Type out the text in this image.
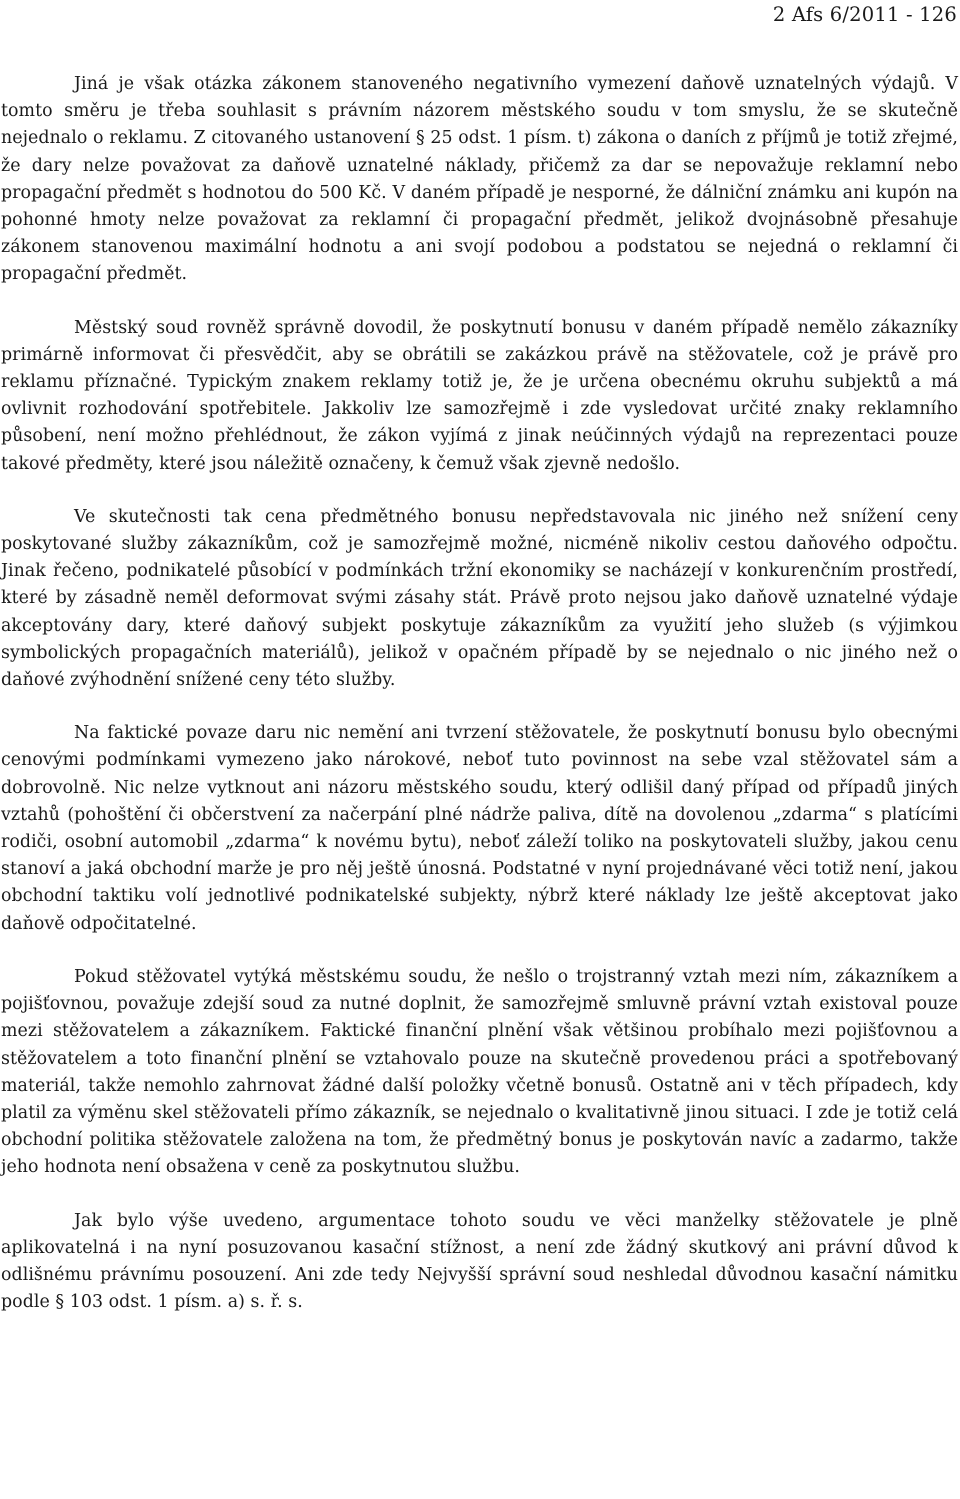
2 Afs 6/2011 - 126

Jiná je však otázka zákonem stanoveného negativního vymezení daňově uznatelných výdajů. V tomto směru je třeba souhlasit s právním názorem městského soudu v tom smyslu, že se skutečně nejednalo o reklamu. Z citovaného ustanovení § 25 odst. 1 písm. t) zákona o daních z příjmů je totiž zřejmé, že dary nelze považovat za daňově uznatelné náklady, přičemž za dar se nepovažuje reklamní nebo propagační předmět s hodnotou do 500 Kč. V daném případě je nesporné, že dálniční známku ani kupón na pohonné hmoty nelze považovat za reklamní či propagační předmět, jelikož dvojnásobně přesahuje zákonem stanovenou maximální hodnotu a ani svojí podobou a podstatou se nejedná o reklamní či propagační předmět.

Městský soud rovněž správně dovodil, že poskytnutí bonusu v daném případě nemělo zákazníky primárně informovat či přesvědčit, aby se obrátili se zakázkou právě na stěžovatele, což je právě pro reklamu příznačné. Typickým znakem reklamy totiž je, že je určena obecnému okruhu subjektů a má ovlivnit rozhodování spotřebitele. Jakkoliv lze samozřejmě i zde vysledovat určité znaky reklamního působení, není možno přehlédnout, že zákon vyjímá z jinak neúčinných výdajů na reprezentaci pouze takové předměty, které jsou náležitě označeny, k čemuž však zjevně nedošlo.

Ve skutečnosti tak cena předmětného bonusu nepředstavovala nic jiného než snížení ceny poskytované služby zákazníkům, což je samozřejmě možné, nicméně nikoliv cestou daňového odpočtu. Jinak řečeno, podnikatelé působící v podmínkách tržní ekonomiky se nacházejí v konkurenčním prostředí, které by zásadně neměl deformovat svými zásahy stát. Právě proto nejsou jako daňově uznatelné výdaje akceptovány dary, které daňový subjekt poskytuje zákazníkům za využití jeho služeb (s výjimkou symbolických propagačních materiálů), jelikož v opačném případě by se nejednalo o nic jiného než o daňové zvýhodnění snížené ceny této služby.

Na faktické povaze daru nic nemění ani tvrzení stěžovatele, že poskytnutí bonusu bylo obecnými cenovými podmínkami vymezeno jako nárokové, neboť tuto povinnost na sebe vzal stěžovatel sám a dobrovolně. Nic nelze vytknout ani názoru městského soudu, který odlišil daný případ od případů jiných vztahů (pohoštění či občerstvení za načerpání plné nádrže paliva, dítě na dovolenou „zdarma“ s platícími rodiči, osobní automobil „zdarma“ k novému bytu), neboť záleží toliko na poskytovateli služby, jakou cenu stanoví a jaká obchodní marže je pro něj ještě únosná. Podstatné v nyní projednávané věci totiž není, jakou obchodní taktiku volí jednotlivé podnikatelské subjekty, nýbrž které náklady lze ještě akceptovat jako daňově odpočitatelné.

Pokud stěžovatel vytýká městskému soudu, že nešlo o trojstranný vztah mezi ním, zákazníkem a pojišťovnou, považuje zdejší soud za nutné doplnit, že samozřejmě smluvně právní vztah existoval pouze mezi stěžovatelem a zákazníkem. Faktické finanční plnění však většinou probíhalo mezi pojišťovnou a stěžovatelem a toto finanční plnění se vztahovalo pouze na skutečně provedenou práci a spotřebovaný materiál, takže nemohlo zahrnovat žádné další položky včetně bonusů. Ostatně ani v těch případech, kdy platil za výměnu skel stěžovateli přímo zákazník, se nejednalo o kvalitativně jinou situaci. I zde je totiž celá obchodní politika stěžovatele založena na tom, že předmětný bonus je poskytován navíc a zadarmo, takže jeho hodnota není obsažena v ceně za poskytnutou službu.

Jak bylo výše uvedeno, argumentace tohoto soudu ve věci manželky stěžovatele je plně aplikovatelná i na nyní posuzovanou kasační stížnost, a není zde žádný skutkový ani právní důvod k odlišnému právnímu posouzení. Ani zde tedy Nejvyšší správní soud neshledal důvodnou kasační námitku podle § 103 odst. 1 písm. a) s. ř. s.
